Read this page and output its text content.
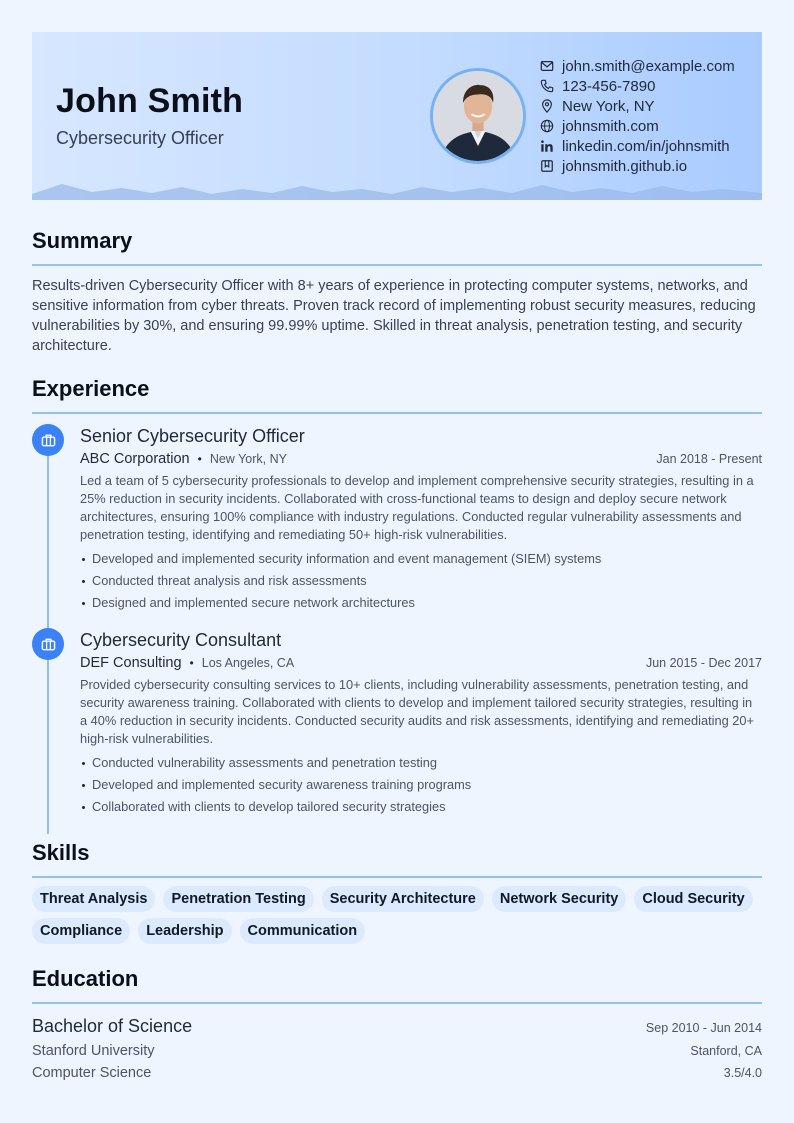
John Smith
Cybersecurity Officer
john.smith@example.com
123-456-7890
New York, NY
johnsmith.com
linkedin.com/in/johnsmith
johnsmith.github.io
Summary
Results-driven Cybersecurity Officer with 8+ years of experience in protecting computer systems, networks, and sensitive information from cyber threats. Proven track record of implementing robust security measures, reducing vulnerabilities by 30%, and ensuring 99.99% uptime. Skilled in threat analysis, penetration testing, and security architecture.
Experience
Senior Cybersecurity Officer
ABC Corporation • New York, NY	Jan 2018 - Present
Led a team of 5 cybersecurity professionals to develop and implement comprehensive security strategies, resulting in a 25% reduction in security incidents. Collaborated with cross-functional teams to design and deploy secure network architectures, ensuring 100% compliance with industry regulations. Conducted regular vulnerability assessments and penetration testing, identifying and remediating 50+ high-risk vulnerabilities.
Developed and implemented security information and event management (SIEM) systems
Conducted threat analysis and risk assessments
Designed and implemented secure network architectures
Cybersecurity Consultant
DEF Consulting • Los Angeles, CA	Jun 2015 - Dec 2017
Provided cybersecurity consulting services to 10+ clients, including vulnerability assessments, penetration testing, and security awareness training. Collaborated with clients to develop and implement tailored security strategies, resulting in a 40% reduction in security incidents. Conducted security audits and risk assessments, identifying and remediating 20+ high-risk vulnerabilities.
Conducted vulnerability assessments and penetration testing
Developed and implemented security awareness training programs
Collaborated with clients to develop tailored security strategies
Skills
Threat Analysis	Penetration Testing	Security Architecture	Network Security	Cloud Security
Compliance	Leadership	Communication
Education
Bachelor of Science	Sep 2010 - Jun 2014
Stanford University	Stanford, CA
Computer Science	3.5/4.0
